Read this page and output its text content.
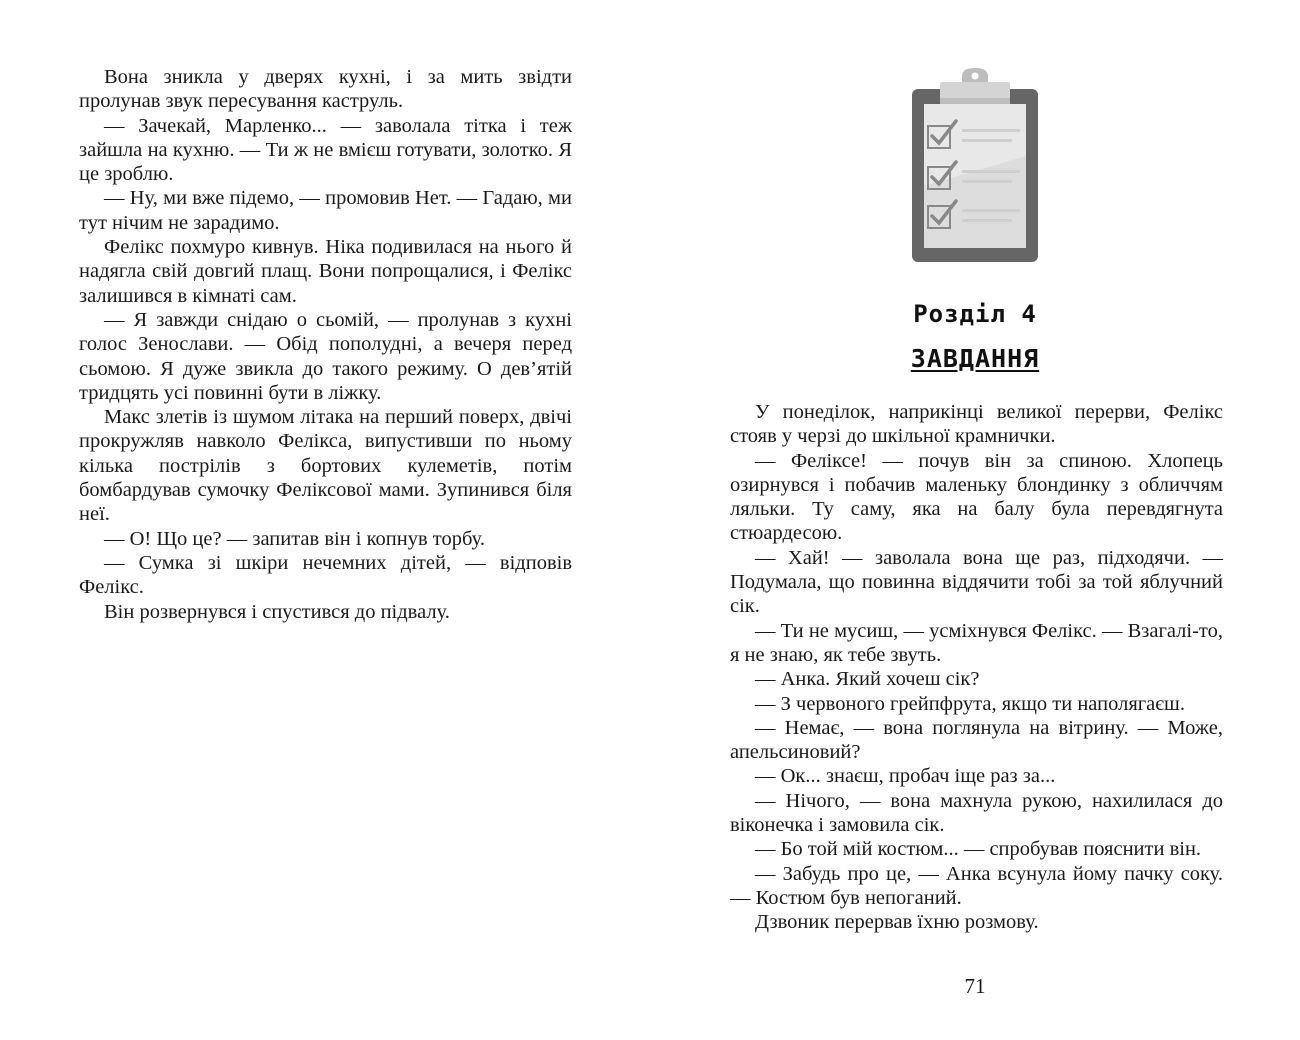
Вона зникла у дверях кухні, і за мить звідти пролунав звук пересування каструль.

— Зачекай, Марленко... — заволала тітка і теж зайшла на кухню. — Ти ж не вмієш готувати, золотко. Я це зроблю.

— Ну, ми вже підемо, — промовив Нет. — Гадаю, ми тут нічим не зарадимо.

Фелікс похмуро кивнув. Ніка подивилася на нього й надягла свій довгий плащ. Вони попрощалися, і Фелікс залишився в кімнаті сам.

— Я завжди снідаю о сьомій, — пролунав з кухні голос Зенослави. — Обід пополудні, а вечеря перед сьомою. Я дуже звикла до такого режиму. О дев’ятій тридцять усі повинні бути в ліжку.

Макс злетів із шумом літака на перший поверх, двічі прокружляв навколо Фелікса, випустивши по ньому кілька пострілів з бортових кулеметів, потім бомбардував сумочку Феліксової мами. Зупинився біля неї.

— О! Що це? — запитав він і копнув торбу.

— Сумка зі шкіри нечемних дітей, — відповів Фелікс.

Він розвернувся і спустився до підвалу.

Розділ 4
ЗАВДАННЯ

У понеділок, наприкінці великої перерви, Фелікс стояв у черзі до шкільної крамнички.

— Феліксе! — почув він за спиною. Хлопець озирнувся і побачив маленьку блондинку з обличчям ляльки. Ту саму, яка на балу була перевдягнута стюардесою.

— Хай! — заволала вона ще раз, підходячи. — Подумала, що повинна віддячити тобі за той яблучний сік.

— Ти не мусиш, — усміхнувся Фелікс. — Взагалі-то, я не знаю, як тебе звуть.

— Анка. Який хочеш сік?

— З червоного грейпфрута, якщо ти наполягаєш.

— Немає, — вона поглянула на вітрину. — Може, апельсиновий?

— Ок... знаєш, пробач іще раз за...

— Нічого, — вона махнула рукою, нахилилася до віконечка і замовила сік.

— Бо той мій костюм... — спробував пояснити він.

— Забудь про це, — Анка всунула йому пачку соку. — Костюм був непоганий.

Дзвоник перервав їхню розмову.

71
